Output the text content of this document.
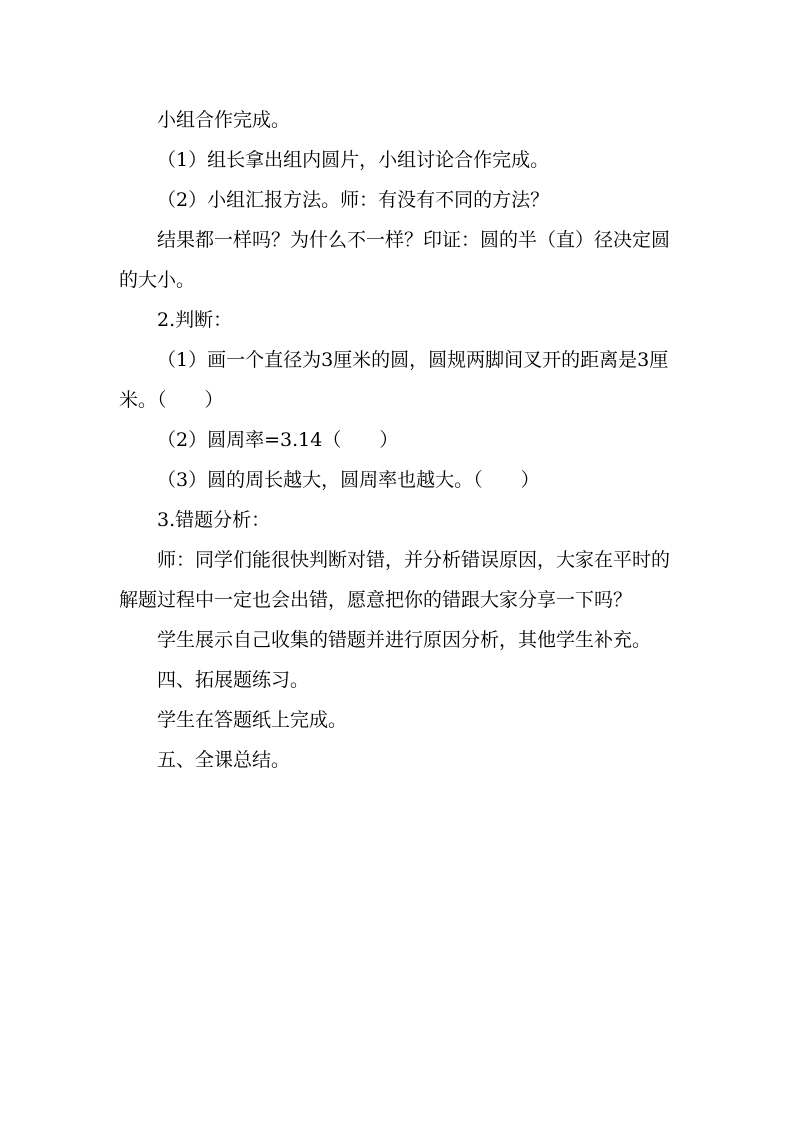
小组合作完成。

（1）组长拿出组内圆片，小组讨论合作完成。

（2）小组汇报方法。师：有没有不同的方法？

结果都一样吗？为什么不一样？印证：圆的半（直）径决定圆的大小。

2.判断：

（1）画一个直径为3厘米的圆，圆规两脚间叉开的距离是3厘米。（　　）

（2）圆周率=3.14（　　）

（3）圆的周长越大，圆周率也越大。（　　）

3.错题分析：

师：同学们能很快判断对错，并分析错误原因，大家在平时的解题过程中一定也会出错，愿意把你的错跟大家分享一下吗？

学生展示自己收集的错题并进行原因分析，其他学生补充。

四、拓展题练习。

学生在答题纸上完成。

五、全课总结。
